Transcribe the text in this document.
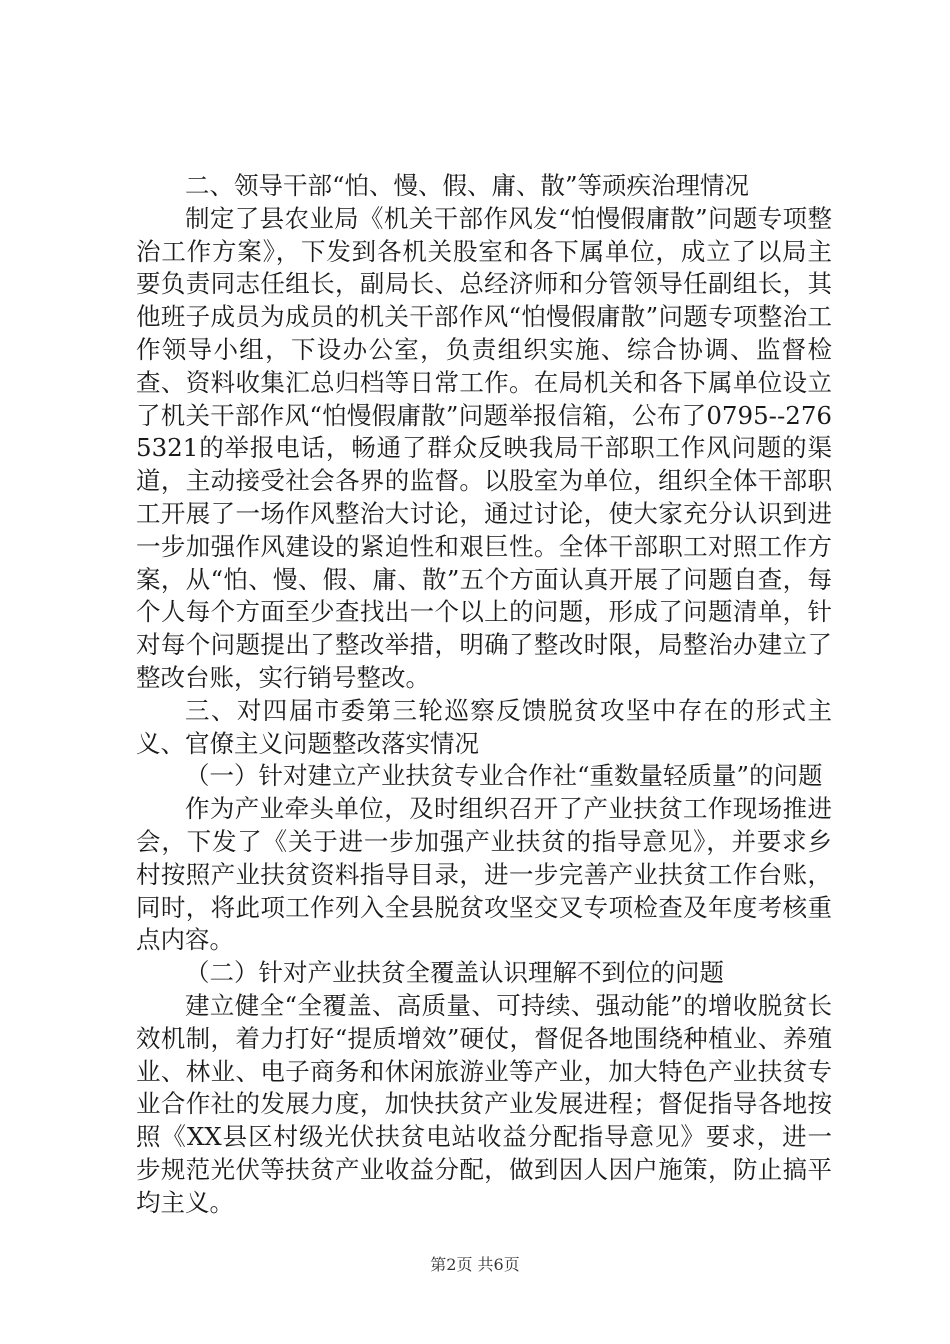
二、领导干部“怕、慢、假、庸、散”等顽疾治理情况

制定了县农业局《机关干部作风发“怕慢假庸散”问题专项整治工作方案》，下发到各机关股室和各下属单位，成立了以局主要负责同志任组长，副局长、总经济师和分管领导任副组长，其他班子成员为成员的机关干部作风“怕慢假庸散”问题专项整治工作领导小组，下设办公室，负责组织实施、综合协调、监督检查、资料收集汇总归档等日常工作。在局机关和各下属单位设立了机关干部作风“怕慢假庸散”问题举报信箱，公布了0795--2765321的举报电话，畅通了群众反映我局干部职工作风问题的渠道，主动接受社会各界的监督。以股室为单位，组织全体干部职工开展了一场作风整治大讨论，通过讨论，使大家充分认识到进一步加强作风建设的紧迫性和艰巨性。全体干部职工对照工作方案，从“怕、慢、假、庸、散”五个方面认真开展了问题自查，每个人每个方面至少查找出一个以上的问题，形成了问题清单，针对每个问题提出了整改举措，明确了整改时限，局整治办建立了整改台账，实行销号整改。

三、对四届市委第三轮巡察反馈脱贫攻坚中存在的形式主义、官僚主义问题整改落实情况

（一）针对建立产业扶贫专业合作社“重数量轻质量”的问题

作为产业牵头单位，及时组织召开了产业扶贫工作现场推进会，下发了《关于进一步加强产业扶贫的指导意见》，并要求乡村按照产业扶贫资料指导目录，进一步完善产业扶贫工作台账，同时，将此项工作列入全县脱贫攻坚交叉专项检查及年度考核重点内容。

（二）针对产业扶贫全覆盖认识理解不到位的问题

建立健全“全覆盖、高质量、可持续、强动能”的增收脱贫长效机制，着力打好“提质增效”硬仗，督促各地围绕种植业、养殖业、林业、电子商务和休闲旅游业等产业，加大特色产业扶贫专业合作社的发展力度，加快扶贫产业发展进程；督促指导各地按照《XX县区村级光伏扶贫电站收益分配指导意见》要求，进一步规范光伏等扶贫产业收益分配，做到因人因户施策，防止搞平均主义。

第2页 共6页
